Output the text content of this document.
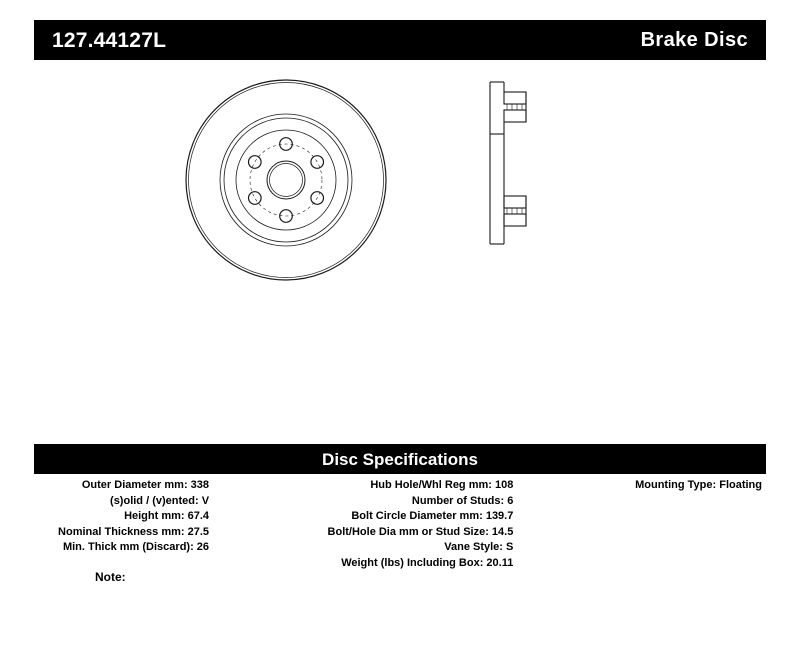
127.44127L	Brake Disc
Disc Specifications
Outer Diameter mm: 338
(s)olid / (v)ented: V
Height mm: 67.4
Nominal Thickness mm: 27.5
Min. Thick mm (Discard): 26
Hub Hole/Whl Reg mm: 108
Number of Studs: 6
Bolt Circle Diameter mm: 139.7
Bolt/Hole Dia mm or Stud Size: 14.5
Vane Style: S
Weight (lbs) Including Box: 20.11
Mounting Type: Floating
Note:
